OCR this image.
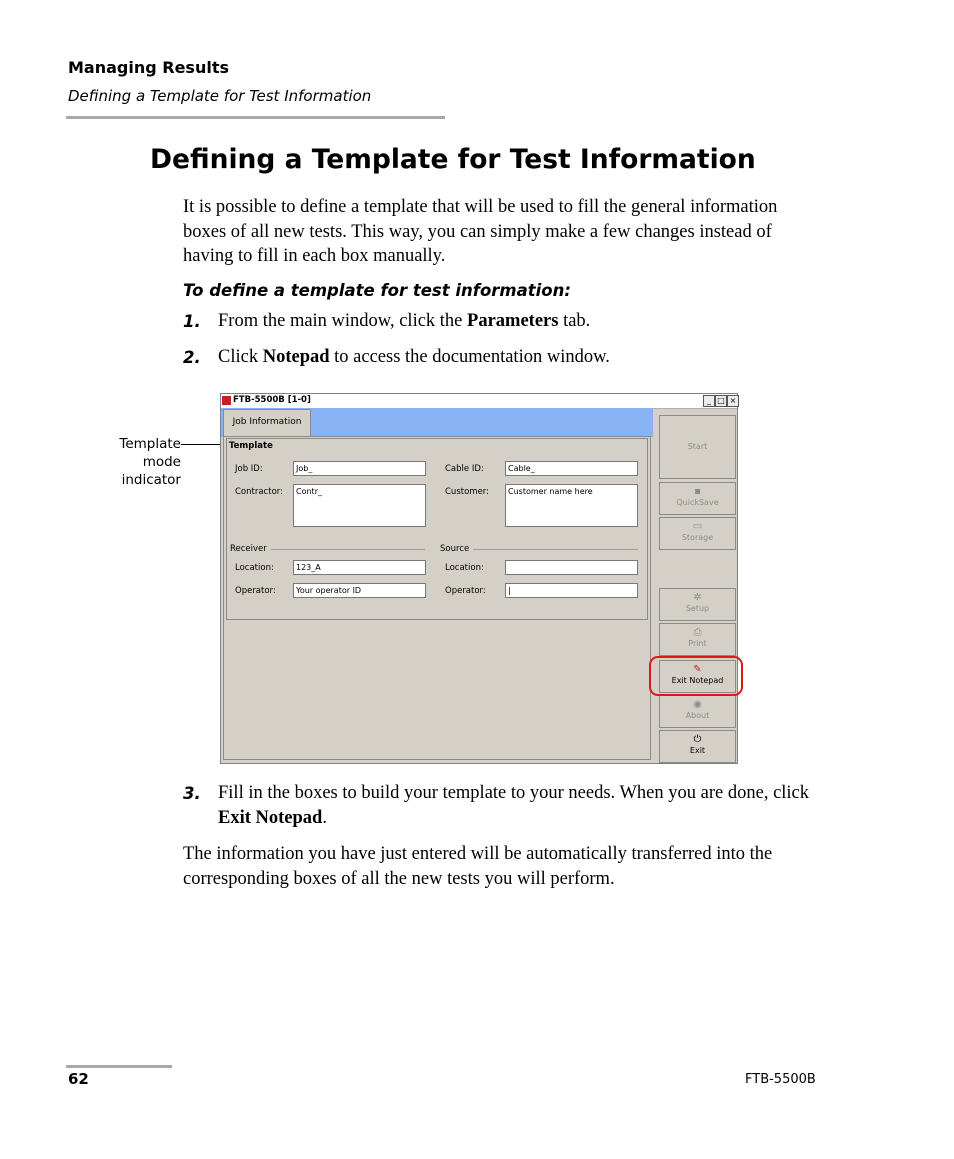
Managing Results
Defining a Template for Test Information
Defining a Template for Test Information
It is possible to define a template that will be used to fill the general information boxes of all new tests. This way, you can simply make a few changes instead of having to fill in each box manually.
To define a template for test information:
1. From the main window, click the Parameters tab.
2. Click Notepad to access the documentation window.
Template
mode
indicator
FTB-5500B [1-0]	_ □ ×
Job Information
Template
Job ID:	Job_	Cable ID:	Cable_
Contractor:	Contr_	Customer:	Customer name here
Receiver	Source
Location:	123_A	Location:
Operator:	Your operator ID	Operator:	|
Start
▪
QuickSave
▭
Storage
✲
Setup
⎙
Print
✎
Exit Notepad
◉
About
⏻
Exit
3. Fill in the boxes to build your template to your needs. When you are done, click Exit Notepad.
The information you have just entered will be automatically transferred into the corresponding boxes of all the new tests you will perform.
62	FTB-5500B
